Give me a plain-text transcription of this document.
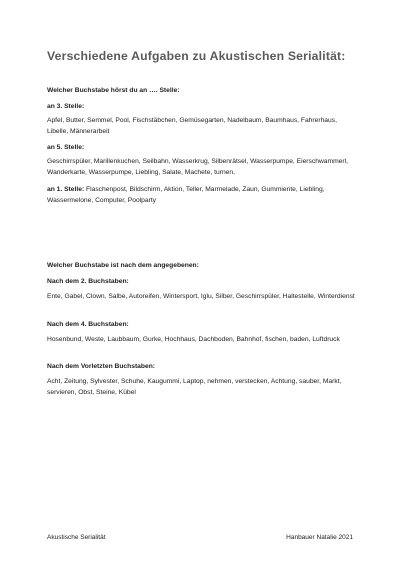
Verschiedene Aufgaben zu Akustischen Serialität:
Welcher Buchstabe hörst du an …. Stelle:
an 3. Stelle:
Apfel, Butter, Semmel, Pool, Fischstäbchen, Gemüsegarten, Nadelbaum, Baumhaus, Fahrerhaus, Libelle, Männerarbeit
an 5. Stelle:
Geschirrspüler, Marillenkuchen, Seilbahn, Wasserkrug, Silbenrätsel, Wasserpumpe, Eierschwammerl, Wanderkarte, Wasserpumpe, Liebling, Salate, Machete, turnen,
an 1. Stelle: Flaschenpost, Bildschirm, Aktion, Teller, Marmelade, Zaun, Gummiente, Liebling, Wassermelone, Computer, Poolparty
Welcher Buchstabe ist nach dem angegebenen:
Nach dem 2. Buchstaben:
Ente, Gabel, Clown, Salbe, Autoreifen, Wintersport, Iglu, Silber, Geschirrspüler, Haltestelle, Winterdienst
Nach dem 4. Buchstaben:
Hosenbund, Weste, Laubbaum, Gurke, Hochhaus, Dachboden, Bahnhof, fischen, baden, Luftdruck
Nach dem Vorletzten Buchstaben:
Acht, Zeitung, Sylvester, Schuhe, Kaugummi, Laptop, nehmen, verstecken, Achtung, sauber, Markt, servieren, Obst, Steine, Kübel
Akustische Serialität	Hanbauer Natalie 2021
